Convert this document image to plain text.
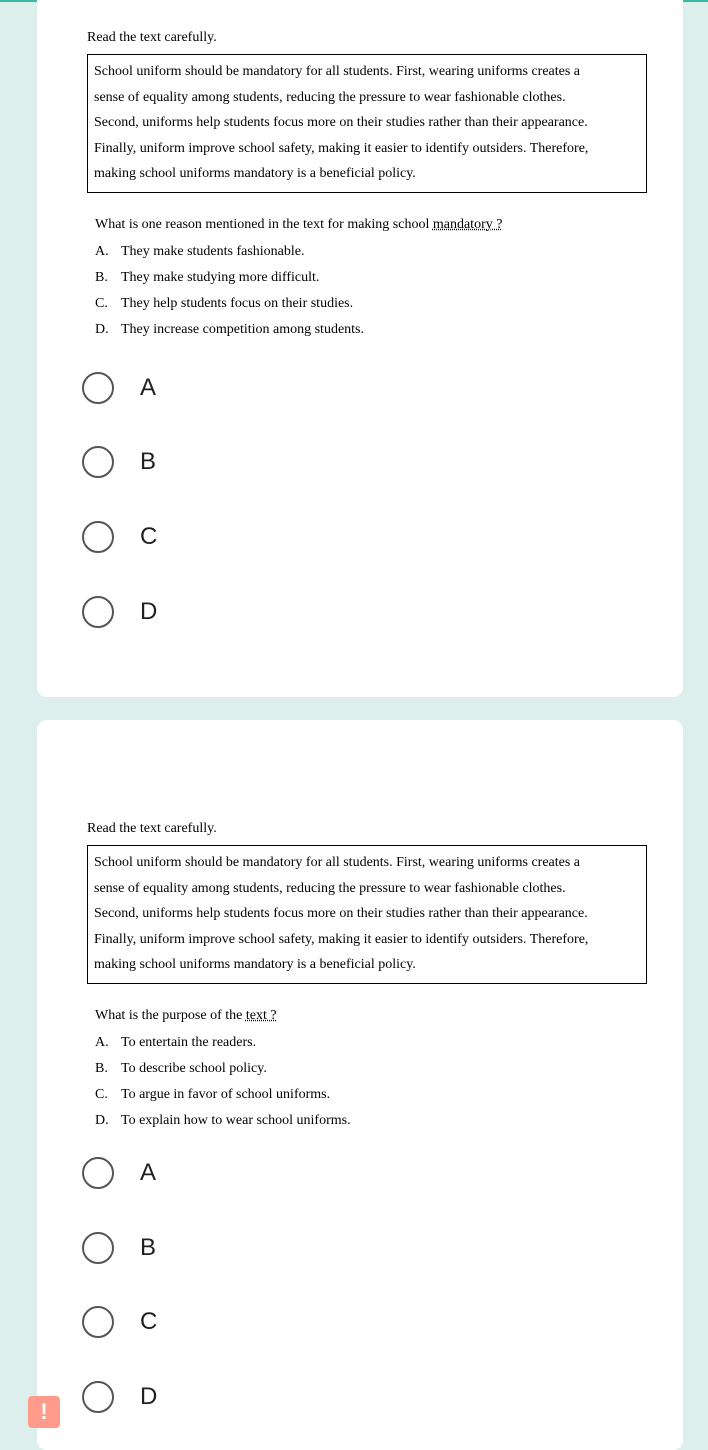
Read the text carefully.

School uniform should be mandatory for all students. First, wearing uniforms creates a
sense of equality among students, reducing the pressure to wear fashionable clothes.
Second, uniforms help students focus more on their studies rather than their appearance.
Finally, uniform improve school safety, making it easier to identify outsiders. Therefore,
making school uniforms mandatory is a beneficial policy.

What is one reason mentioned in the text for making school mandatory ?

A. They make students fashionable.
B. They make studying more difficult.
C. They help students focus on their studies.
D. They increase competition among students.
A
B
C
D

Read the text carefully.

School uniform should be mandatory for all students. First, wearing uniforms creates a
sense of equality among students, reducing the pressure to wear fashionable clothes.
Second, uniforms help students focus more on their studies rather than their appearance.
Finally, uniform improve school safety, making it easier to identify outsiders. Therefore,
making school uniforms mandatory is a beneficial policy.

What is the purpose of the text ?

A. To entertain the readers.
B. To describe school policy.
C. To argue in favor of school uniforms.
D. To explain how to wear school uniforms.
A
B
C
D
!
